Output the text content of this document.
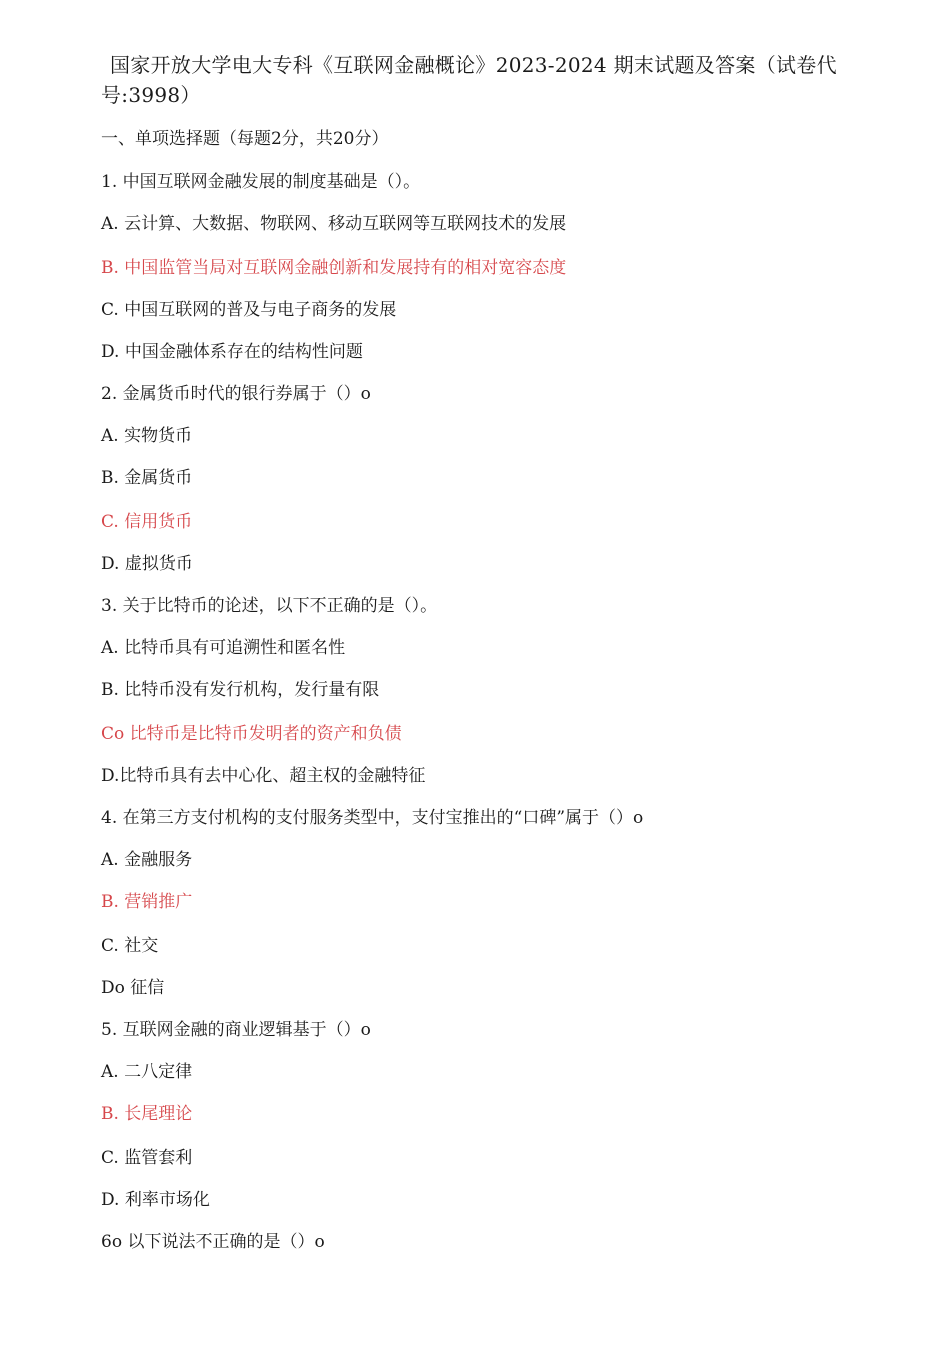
国家开放大学电大专科《互联网金融概论》2023-2024 期末试题及答案（试卷代号:3998）
一、单项选择题（每题2分，共20分）
1. 中国互联网金融发展的制度基础是（）。
A. 云计算、大数据、物联网、移动互联网等互联网技术的发展
B. 中国监管当局对互联网金融创新和发展持有的相对宽容态度
C. 中国互联网的普及与电子商务的发展
D. 中国金融体系存在的结构性问题
2. 金属货币时代的银行券属于（）o
A. 实物货币
B. 金属货币
C. 信用货币
D. 虚拟货币
3. 关于比特币的论述，以下不正确的是（）。
A. 比特币具有可追溯性和匿名性
B. 比特币没有发行机构，发行量有限
Co 比特币是比特币发明者的资产和负债
D.比特币具有去中心化、超主权的金融特征
4. 在第三方支付机构的支付服务类型中，支付宝推出的“口碑”属于（）o
A. 金融服务
B. 营销推广
C. 社交
Do 征信
5. 互联网金融的商业逻辑基于（）o
A. 二八定律
B. 长尾理论
C. 监管套利
D. 利率市场化
6o 以下说法不正确的是（）o
